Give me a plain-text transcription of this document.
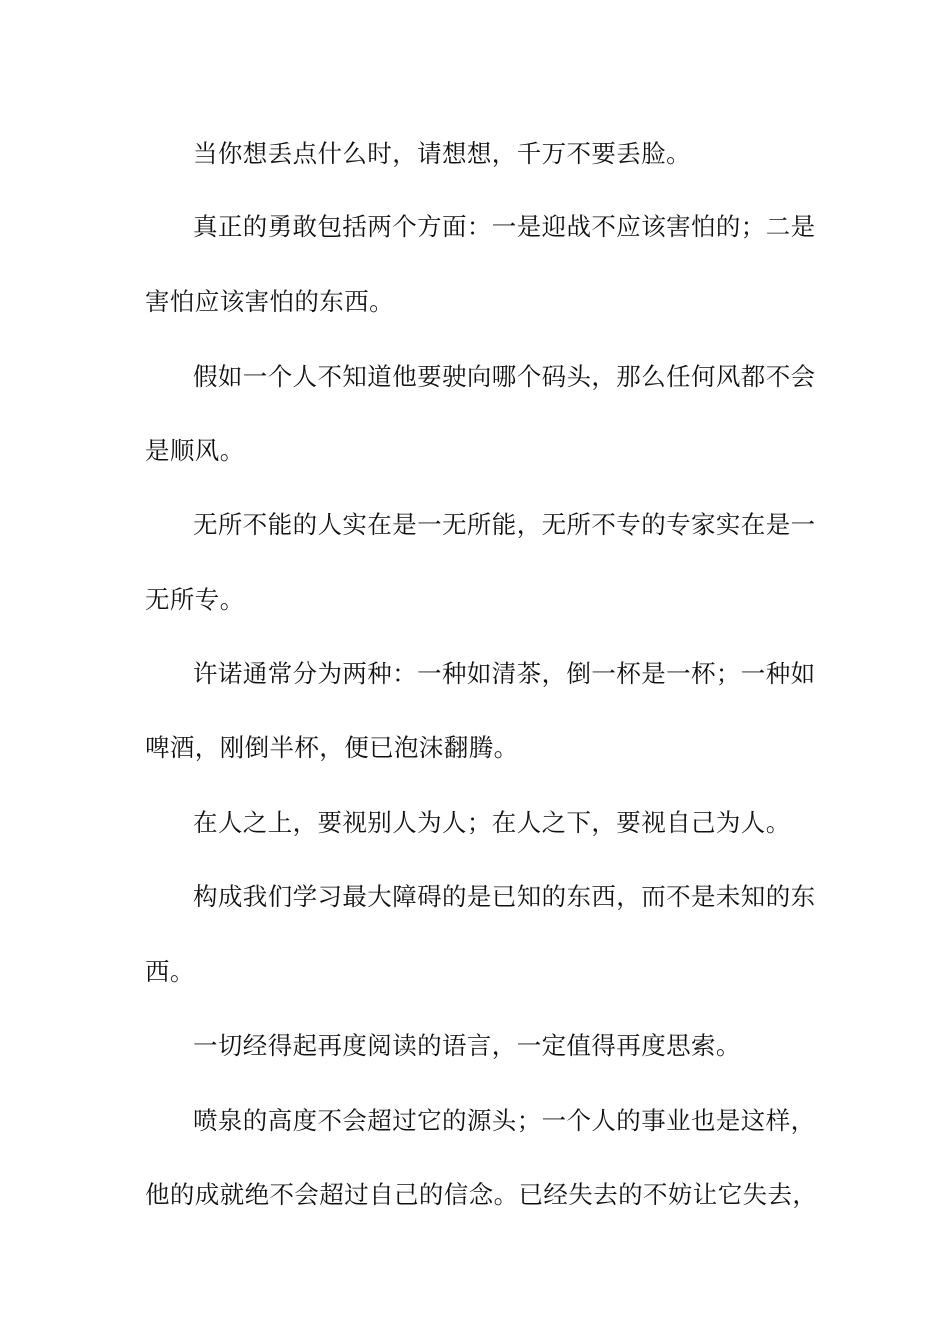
当你想丢点什么时，请想想，千万不要丢脸。
真正的勇敢包括两个方面：一是迎战不应该害怕的；二是
害怕应该害怕的东西。
假如一个人不知道他要驶向哪个码头，那么任何风都不会
是顺风。
无所不能的人实在是一无所能，无所不专的专家实在是一
无所专。
许诺通常分为两种：一种如清茶，倒一杯是一杯；一种如
啤酒，刚倒半杯，便已泡沫翻腾。
在人之上，要视别人为人；在人之下，要视自己为人。
构成我们学习最大障碍的是已知的东西，而不是未知的东
西。
一切经得起再度阅读的语言，一定值得再度思索。
喷泉的高度不会超过它的源头；一个人的事业也是这样，
他的成就绝不会超过自己的信念。已经失去的不妨让它失去，
